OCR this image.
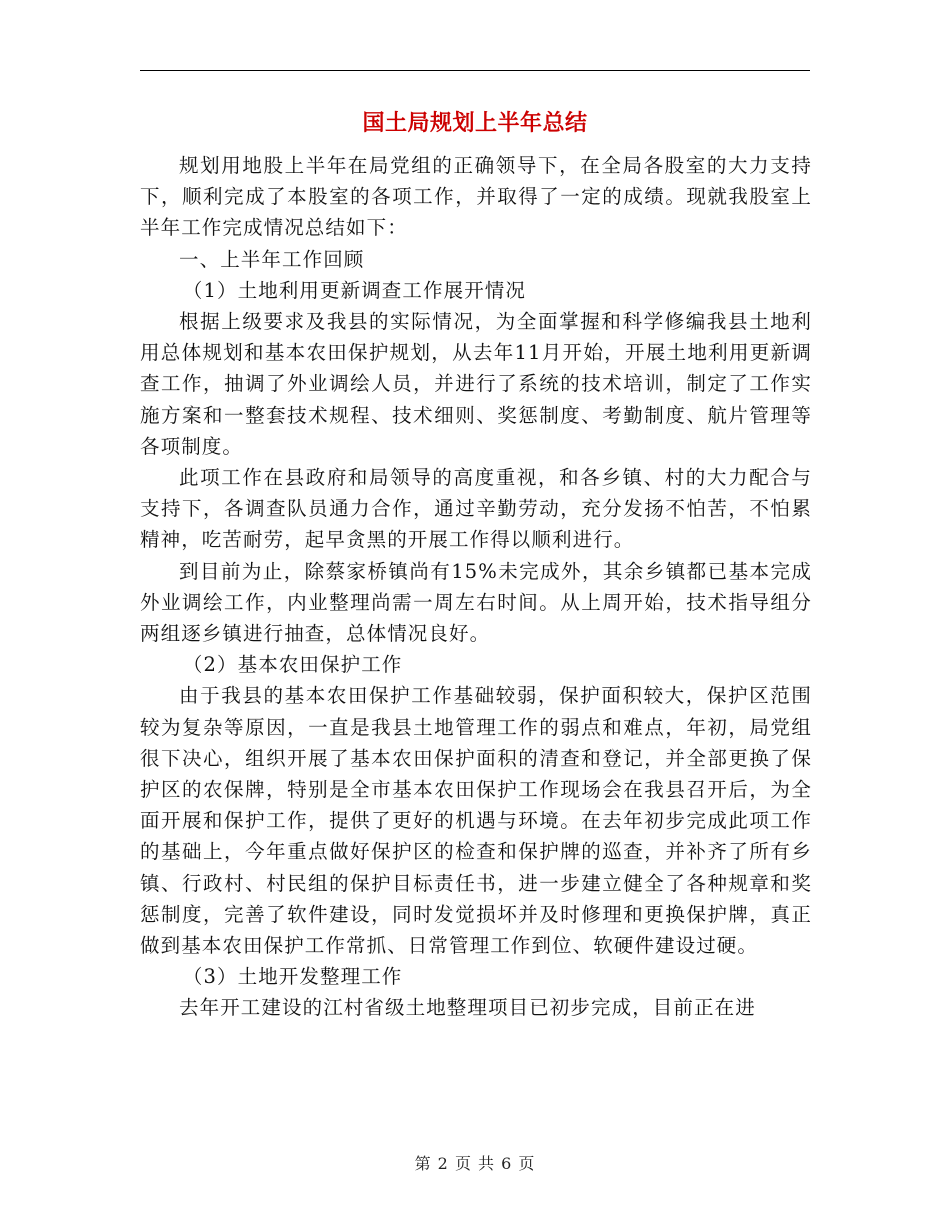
国土局规划上半年总结

规划用地股上半年在局党组的正确领导下，在全局各股室的大力支持下，顺利完成了本股室的各项工作，并取得了一定的成绩。现就我股室上半年工作完成情况总结如下：

一、上半年工作回顾

（1）土地利用更新调查工作展开情况

根据上级要求及我县的实际情况，为全面掌握和科学修编我县土地利用总体规划和基本农田保护规划，从去年11月开始，开展土地利用更新调查工作，抽调了外业调绘人员，并进行了系统的技术培训，制定了工作实施方案和一整套技术规程、技术细则、奖惩制度、考勤制度、航片管理等各项制度。

此项工作在县政府和局领导的高度重视，和各乡镇、村的大力配合与支持下，各调查队员通力合作，通过辛勤劳动，充分发扬不怕苦，不怕累精神，吃苦耐劳，起早贪黑的开展工作得以顺利进行。

到目前为止，除蔡家桥镇尚有15%未完成外，其余乡镇都已基本完成外业调绘工作，内业整理尚需一周左右时间。从上周开始，技术指导组分两组逐乡镇进行抽查，总体情况良好。

（2）基本农田保护工作

由于我县的基本农田保护工作基础较弱，保护面积较大，保护区范围较为复杂等原因，一直是我县土地管理工作的弱点和难点，年初，局党组很下决心，组织开展了基本农田保护面积的清查和登记，并全部更换了保护区的农保牌，特别是全市基本农田保护工作现场会在我县召开后，为全面开展和保护工作，提供了更好的机遇与环境。在去年初步完成此项工作的基础上，今年重点做好保护区的检查和保护牌的巡查，并补齐了所有乡镇、行政村、村民组的保护目标责任书，进一步建立健全了各种规章和奖惩制度，完善了软件建设，同时发觉损坏并及时修理和更换保护牌，真正做到基本农田保护工作常抓、日常管理工作到位、软硬件建设过硬。

（3）土地开发整理工作

去年开工建设的江村省级土地整理项目已初步完成，目前正在进

第 2 页 共 6 页
